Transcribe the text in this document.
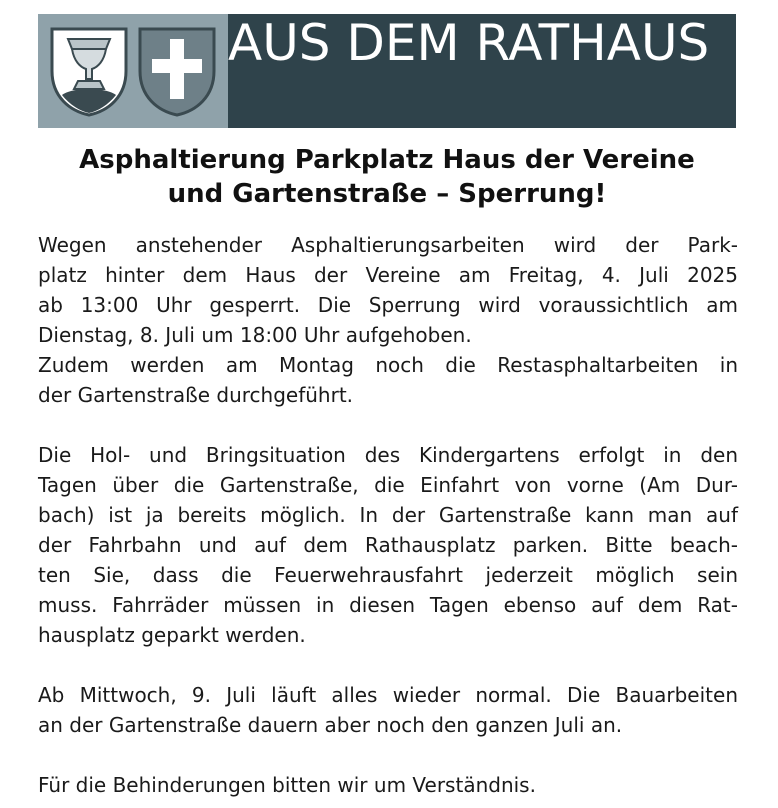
AUS DEM RATHAUS
Asphaltierung Parkplatz Haus der Vereine
und Gartenstraße – Sperrung!
Wegen anstehender Asphaltierungsarbeiten wird der Park-
platz hinter dem Haus der Vereine am Freitag, 4. Juli 2025
ab 13:00 Uhr gesperrt. Die Sperrung wird voraussichtlich am
Dienstag, 8. Juli um 18:00 Uhr aufgehoben.
Zudem werden am Montag noch die Restasphaltarbeiten in
der Gartenstraße durchgeführt.
Die Hol- und Bringsituation des Kindergartens erfolgt in den
Tagen über die Gartenstraße, die Einfahrt von vorne (Am Dur-
bach) ist ja bereits möglich. In der Gartenstraße kann man auf
der Fahrbahn und auf dem Rathausplatz parken. Bitte beach-
ten Sie, dass die Feuerwehrausfahrt jederzeit möglich sein
muss. Fahrräder müssen in diesen Tagen ebenso auf dem Rat-
hausplatz geparkt werden.
Ab Mittwoch, 9. Juli läuft alles wieder normal. Die Bauarbeiten
an der Gartenstraße dauern aber noch den ganzen Juli an.
Für die Behinderungen bitten wir um Verständnis.
